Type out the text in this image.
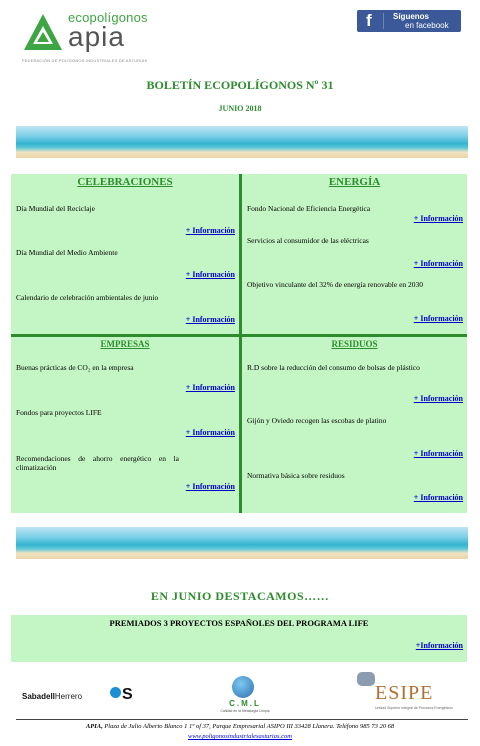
ecopolígonos
apia
FEDERACIÓN DE POLÍGONOS INDUSTRIALES DE ASTURIAS
f	Síguenos
en facebook
BOLETÍN ECOPOLÍGONOS Nº 31
JUNIO 2018
CELEBRACIONES
Día Mundial del Reciclaje
+ Información
Día Mundial del Medio Ambiente
+ Información
Calendario de celebración ambientales de junio
+ Información
ENERGÍA
Fondo Nacional de Eficiencia Energética
+ Información
Servicios al consumidor de las eléctricas
+ Información
Objetivo vinculante del 32% de energía renovable en 2030
+ Información
EMPRESAS
Buenas prácticas de CO₂ en la empresa
+ Información
Fondos para proyectos LIFE
+ Información
Recomendaciones de ahorro energético en la climatización
+ Información
RESIDUOS
R.D sobre la reducción del consumo de bolsas de plástico
+ Información
Gijón y Oviedo recogen las escobas de platino
+ Información
Normativa básica sobre residuos
+ Información
EN JUNIO DESTACAMOS……
PREMIADOS 3 PROYECTOS ESPAÑOLES DEL PROGRAMA LIFE
+Información
SabadellHerrero	S
C.M.L
Calidad en la Metalurgia Limpia
ESIPE
Unidad Superior Integral de Procesos Energéticos
APIA, Plaza de Julio Alberto Blanco 1 1º of 37, Parque Empresarial ASIPO III 33428 Llanera. Teléfono 985 73 20 68
www.poligonosindustrialesasturias.com
